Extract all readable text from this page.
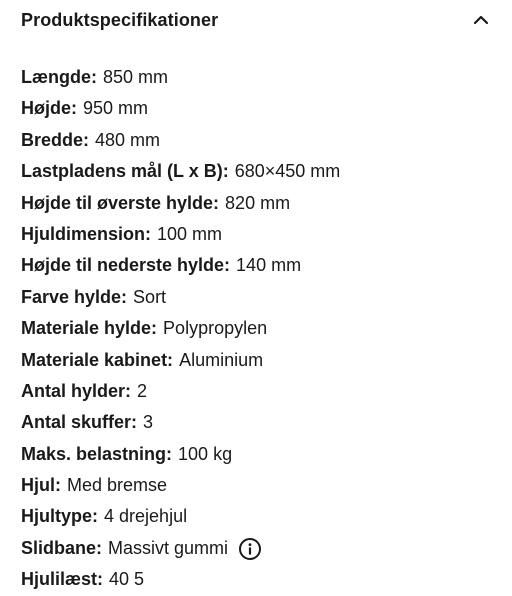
Produktspecifikationer
Længde: 850 mm
Højde: 950 mm
Bredde: 480 mm
Lastpladens mål (L x B): 680×450 mm
Højde til øverste hylde: 820 mm
Hjuldimension: 100 mm
Højde til nederste hylde: 140 mm
Farve hylde: Sort
Materiale hylde: Polypropylen
Materiale kabinet: Aluminium
Antal hylder: 2
Antal skuffer: 3
Maks. belastning: 100 kg
Hjul: Med bremse
Hjultype: 4 drejehjul
Slidbane: Massivt gummi
Hjulilæst: 40 5
